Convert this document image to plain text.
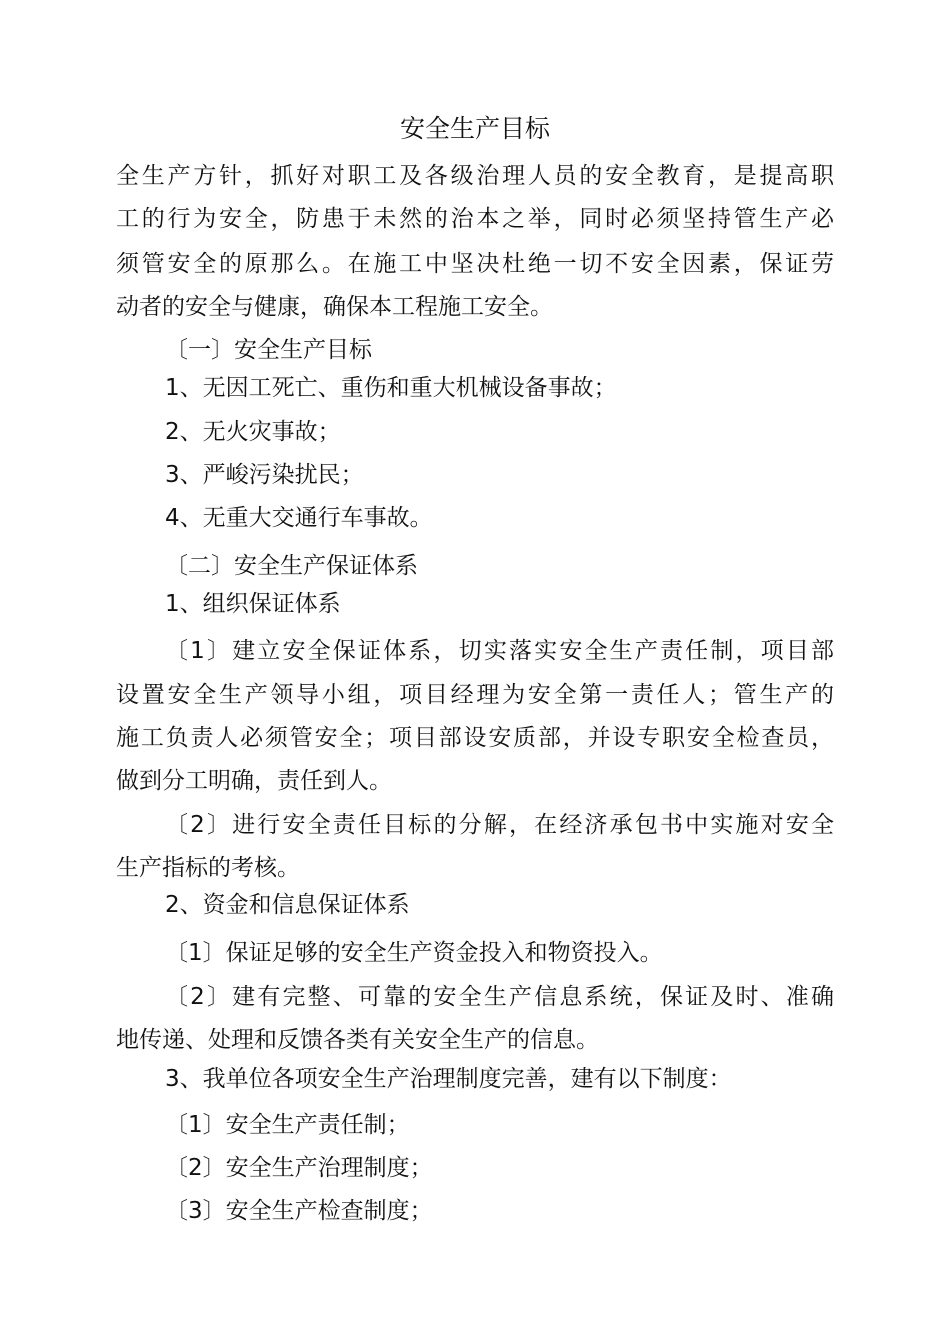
安全生产目标
全生产方针，抓好对职工及各级治理人员的安全教育，是提高职
工的行为安全，防患于未然的治本之举，同时必须坚持管生产必
须管安全的原那么。在施工中坚决杜绝一切不安全因素，保证劳
动者的安全与健康，确保本工程施工安全。
〔一〕安全生产目标
1、无因工死亡、重伤和重大机械设备事故；
2、无火灾事故；
3、严峻污染扰民；
4、无重大交通行车事故。
〔二〕安全生产保证体系
1、组织保证体系
〔1〕建立安全保证体系，切实落实安全生产责任制，项目部
设置安全生产领导小组，项目经理为安全第一责任人；管生产的
施工负责人必须管安全；项目部设安质部，并设专职安全检查员，
做到分工明确，责任到人。
〔2〕进行安全责任目标的分解，在经济承包书中实施对安全
生产指标的考核。
2、资金和信息保证体系
〔1〕保证足够的安全生产资金投入和物资投入。
〔2〕建有完整、可靠的安全生产信息系统，保证及时、准确
地传递、处理和反馈各类有关安全生产的信息。
3、我单位各项安全生产治理制度完善，建有以下制度：
〔1〕安全生产责任制；
〔2〕安全生产治理制度；
〔3〕安全生产检查制度；
